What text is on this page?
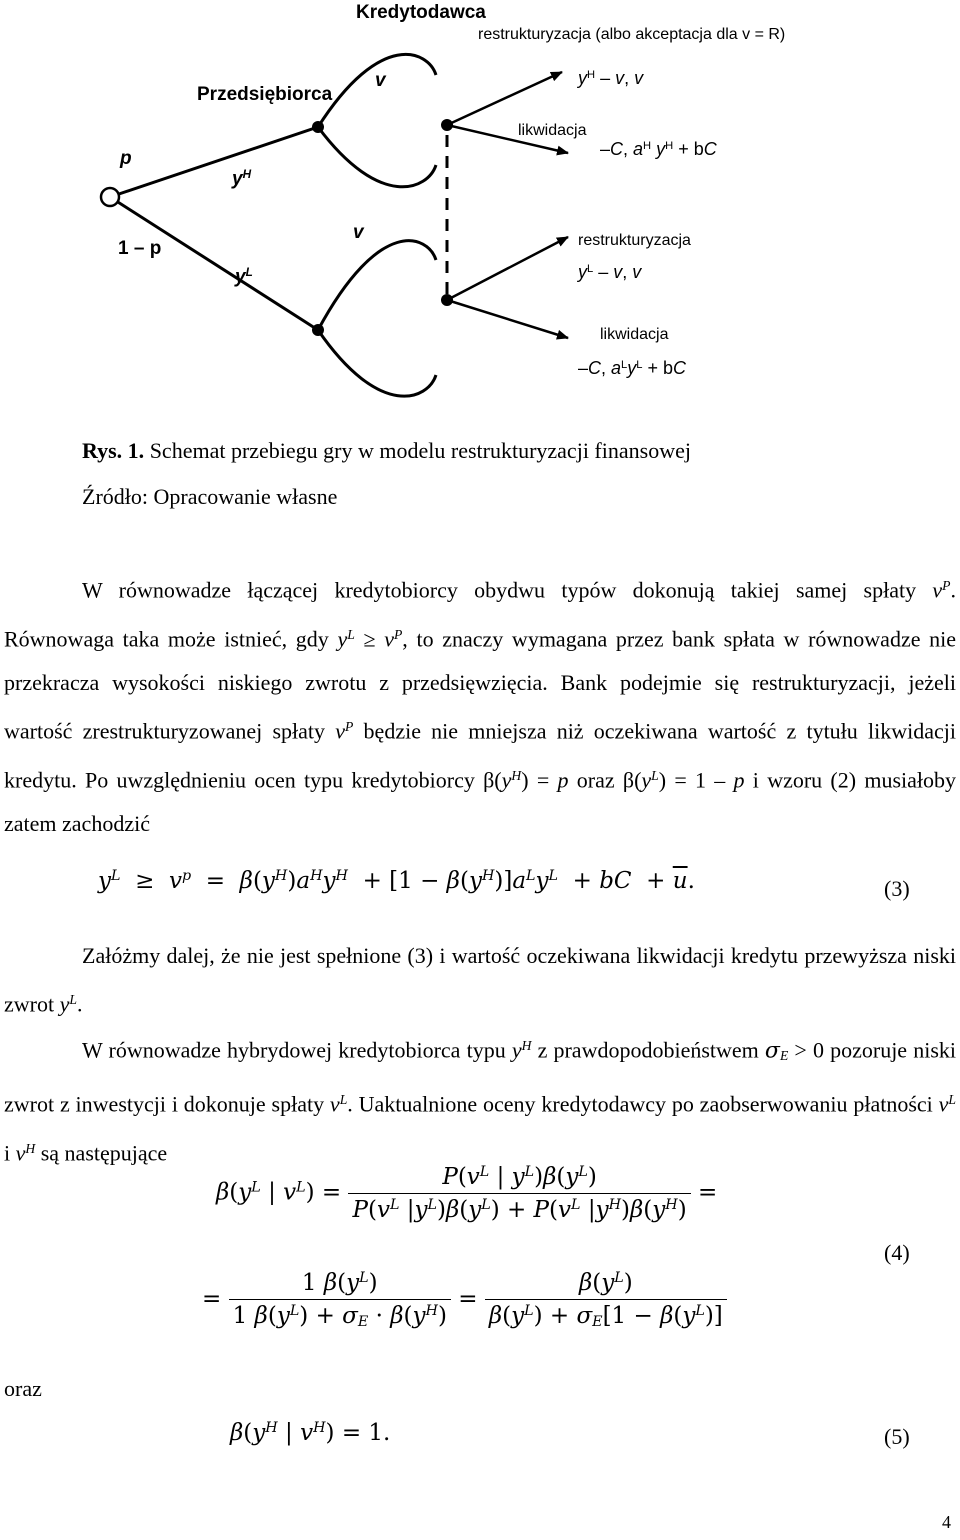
Kredytodawca
restrukturyzacja (albo akceptacja dla v = R)
Przedsiębiorca
v
p
$y^H$
v
1 – p
$y^L$
$y^H$ – v, v
likwidacja
–C, $a^H$ $y^H$ + bC
restrukturyzacja
$y^L$ – v, v
likwidacja
–C, $a^Ly^L$ + bC
Rys. 1. Schemat przebiegu gry w modelu restrukturyzacji finansowej
Źródło: Opracowanie własne
W równowadze łączącej kredytobiorcy obydwu typów dokonują takiej samej spłaty $v^P$. Równowaga taka może istnieć, gdy $y^L \ge v^P$, to znaczy wymagana przez bank spłata w równowadze nie przekracza wysokości niskiego zwrotu z przedsięwzięcia. Bank podejmie się restrukturyzacji, jeżeli wartość zrestrukturyzowanej spłaty $v^P$ będzie nie mniejsza niż oczekiwana wartość z tytułu likwidacji kredytu. Po uwzględnieniu ocen typu kredytobiorcy $\beta(y^H) = p$ oraz $\beta(y^L) = 1 - p$ i wzoru (2) musiałoby zatem zachodzić
$y^L \ge v^p = \beta(y^H)a^Hy^H + [1 - \beta(y^H)]a^Ly^L$ + bC  + $\overline{u}$.	(3)
Załóżmy dalej, że nie jest spełnione (3) i wartość oczekiwana likwidacji kredytu przewyższa niski zwrot $y^L$.
W równowadze hybrydowej kredytobiorca typu $y^H$ z prawdopodobieństwem $\sigma_E > 0$ pozoruje niski zwrot z inwestycji i dokonuje spłaty $v^L$. Uaktualnione oceny kredytodawcy po zaobserwowaniu płatności $v^L$ i $v^H$ są następujące
$\beta(y^L$ | $v^L) = \frac{P(v^L | y^L)\beta(y^L)}{P(v^L |y^L)\beta(y^L) + P(v^L |y^H)\beta(y^H)}$ =
(4)
= $\frac{1 \beta(y^L)}{1 \beta(y^L) + \sigma_E \cdot \beta(y^H)} = \frac{\beta(y^L)}{\beta(y^L) + \sigma_E[1 - \beta(y^L)]}$
oraz
$\beta(y^H$ | $v^H) = 1$.	(5)
4
